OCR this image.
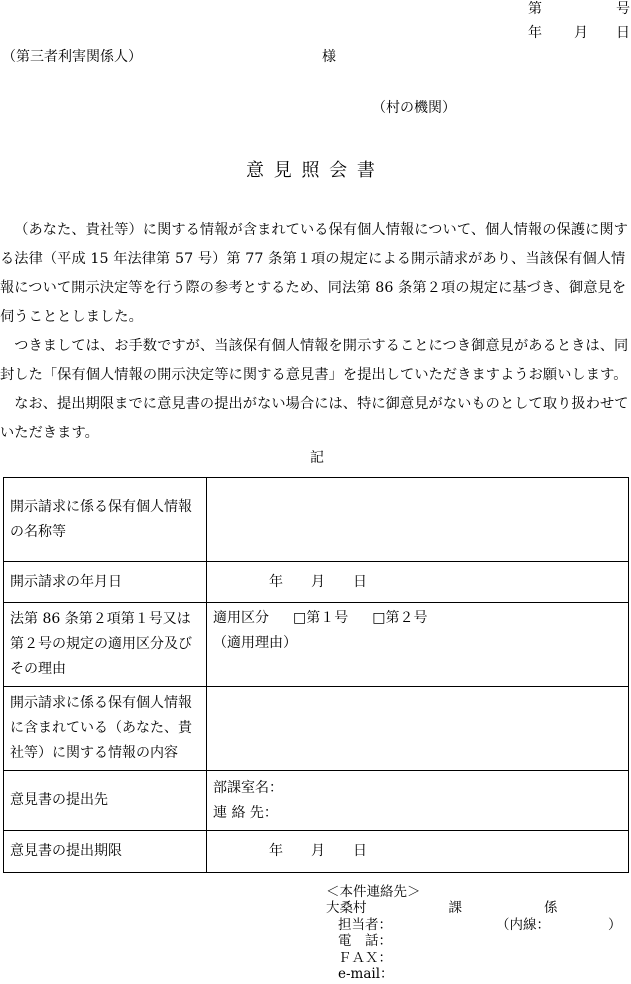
第	号
年 月 日
（第三者利害関係人）	様
（村の機関）
意 見 照 会 書

（あなた、貴社等）に関する情報が含まれている保有個人情報について、個人情報の保護に関する法律（平成 15 年法律第 57 号）第 77 条第１項の規定による開示請求があり、当該保有個人情報について開示決定等を行う際の参考とするため、同法第 86 条第２項の規定に基づき、御意見を伺うこととしました。

つきましては、お手数ですが、当該保有個人情報を開示することにつき御意見があるときは、同封した「保有個人情報の開示決定等に関する意見書」を提出していただきますようお願いします。

なお、提出期限までに意見書の提出がない場合には、特に御意見がないものとして取り扱わせていただきます。

記
開示請求に係る保有個人情報の名称等	
開示請求の年月日	年 月 日
法第 86 条第２項第１号又は第２号の規定の適用区分及びその理由	適用区分 □第１号 □第２号
（適用理由）

開示請求に係る保有個人情報に含まれている（あなた、貴社等）に関する情報の内容	
意見書の提出先	部課室名：
連 絡 先：

意見書の提出期限	年 月 日
＜本件連絡先＞
大桑村	課	係
担当者：	（内線：	）
電　話：
ＦＡＸ：
e-mail：
